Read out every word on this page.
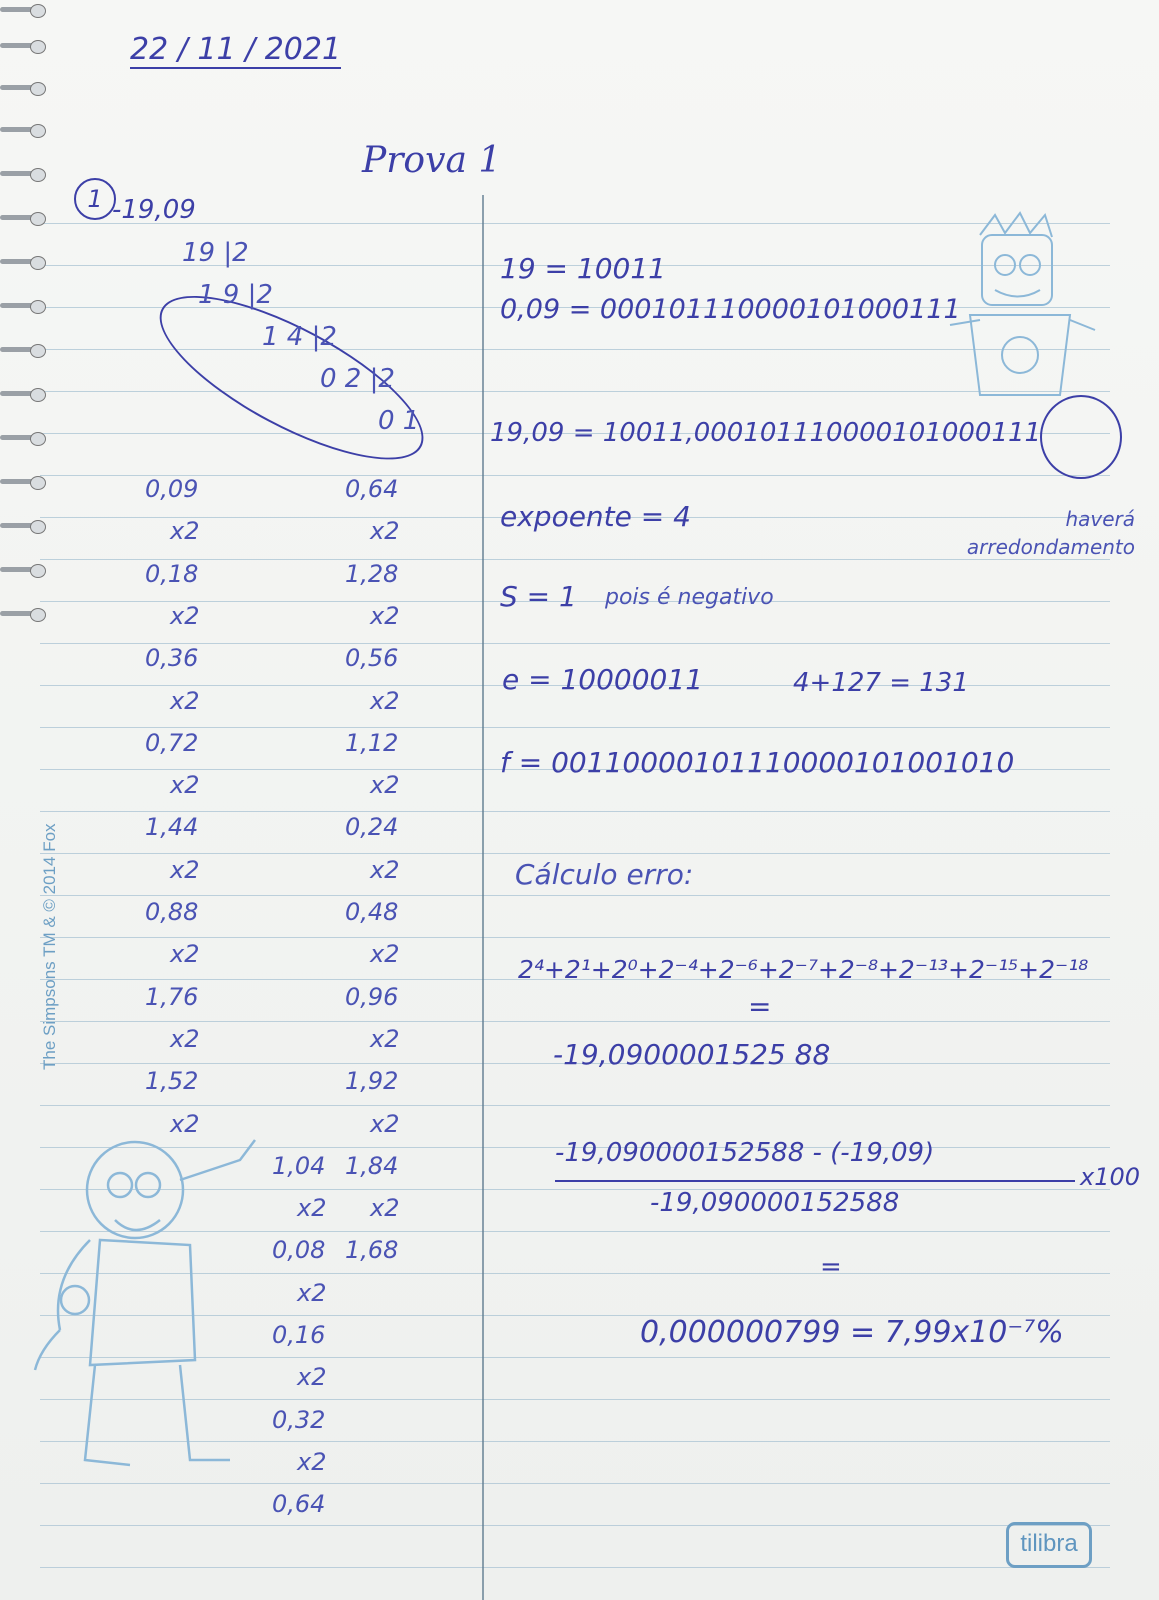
22 / 11 / 2021
Prova 1
1 -19,09
19 |2
1 9 |2
1 4 |2
0 2 |2
0 1
0,09
x2
0,18
x2
0,36
x2
0,72
x2
1,44
x2
0,88
x2
1,76
x2
1,52
x2
1,04
x2
0,08
x2
0,16
x2
0,32
x2
0,64
0,64
x2
1,28
x2
0,56
x2
1,12
x2
0,24
x2
0,48
x2
0,96
x2
1,92
x2
1,84
x2
1,68
19 = 10011
0,09 = 000101110000101000111
19,09 = 10011,000101110000101000111
haverá arredondamento
expoente = 4
S = 1 pois é negativo
e = 10000011	4+127 = 131
f = 00110000101110000101001010
Cálculo erro:
2⁴+2¹+2⁰+2⁻⁴+2⁻⁶+2⁻⁷+2⁻⁸+2⁻¹³+2⁻¹⁵+2⁻¹⁸
=
-19,0900001525 88
-19,090000152588 - (-19,09)
x100
-19,090000152588
=
0,000000799 = 7,99x10⁻⁷%
The Simpsons TM & © 2014 Fox
tilibra
